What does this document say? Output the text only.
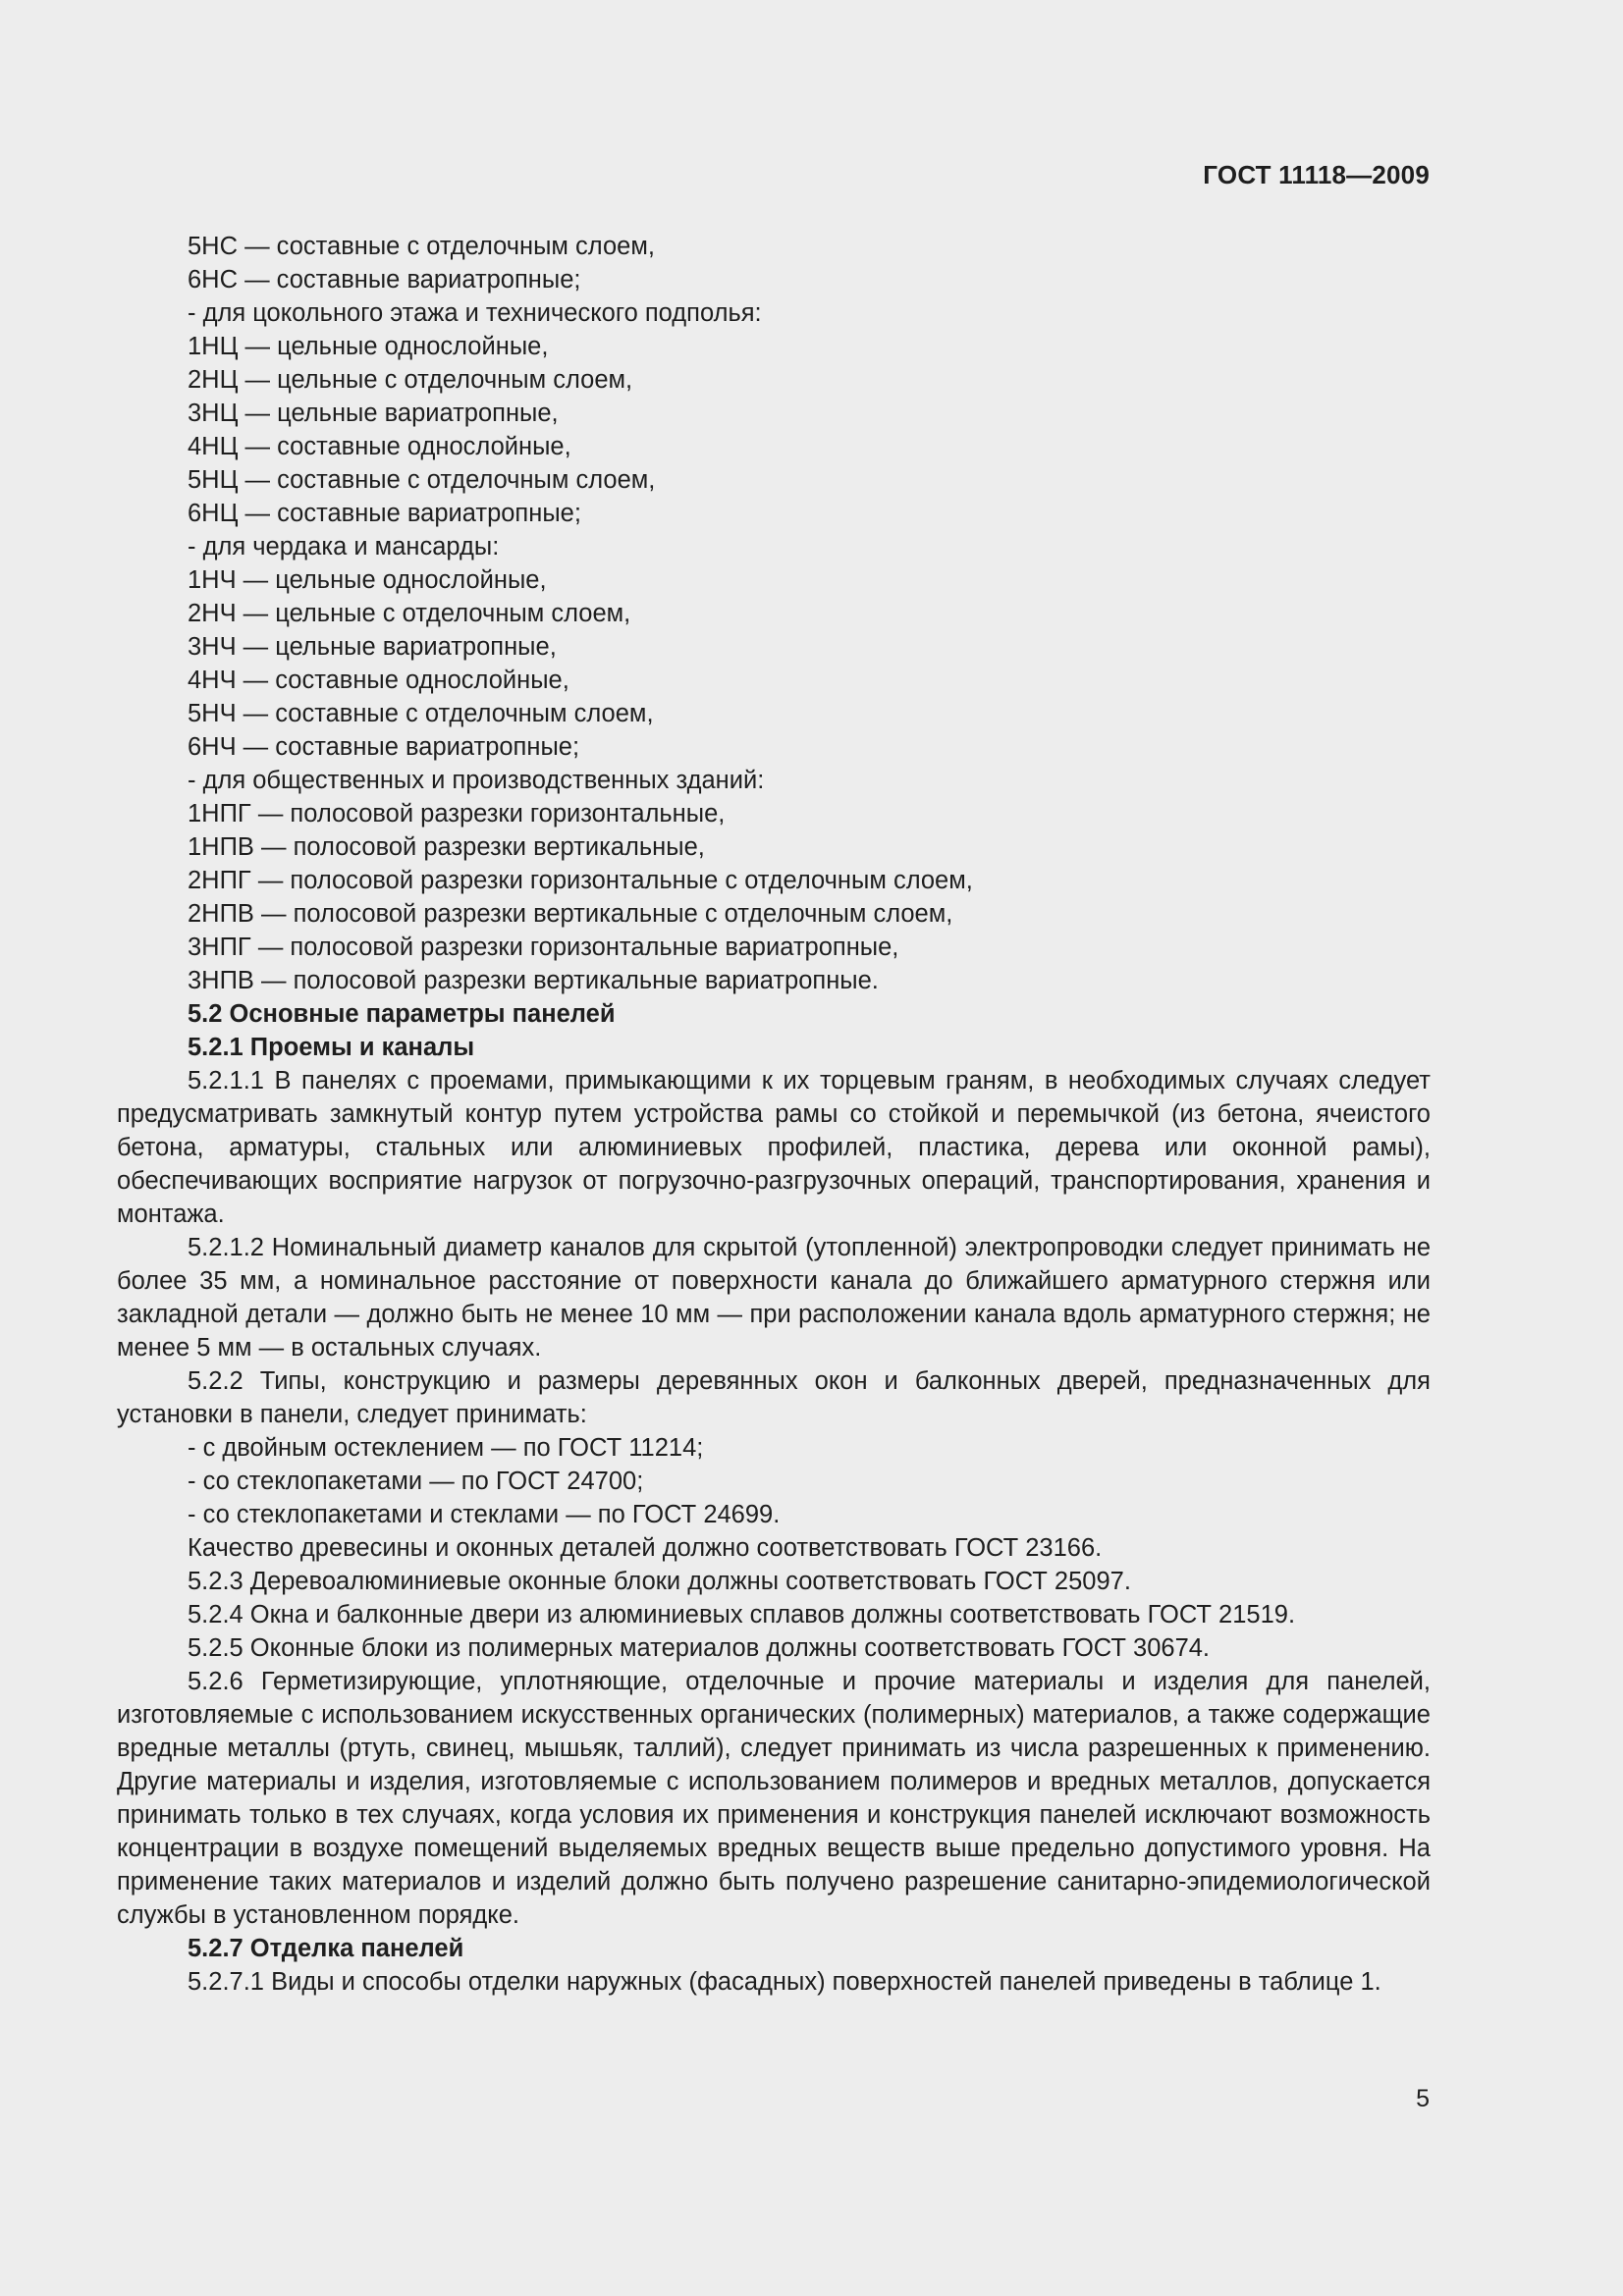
ГОСТ 11118—2009
5НС — составные с отделочным слоем,
6НС — составные вариатропные;
- для цокольного этажа и технического подполья:
1НЦ — цельные однослойные,
2НЦ — цельные с отделочным слоем,
3НЦ — цельные вариатропные,
4НЦ — составные однослойные,
5НЦ — составные с отделочным слоем,
6НЦ — составные вариатропные;
- для чердака и мансарды:
1НЧ — цельные однослойные,
2НЧ — цельные с отделочным слоем,
3НЧ — цельные вариатропные,
4НЧ — составные однослойные,
5НЧ — составные с отделочным слоем,
6НЧ — составные вариатропные;
- для общественных и производственных зданий:
1НПГ — полосовой разрезки горизонтальные,
1НПВ — полосовой разрезки вертикальные,
2НПГ — полосовой разрезки горизонтальные с отделочным слоем,
2НПВ — полосовой разрезки вертикальные с отделочным слоем,
3НПГ — полосовой разрезки горизонтальные вариатропные,
3НПВ — полосовой разрезки вертикальные вариатропные.
5.2 Основные параметры панелей
5.2.1 Проемы и каналы

5.2.1.1 В панелях с проемами, примыкающими к их торцевым граням, в необходимых случаях следует предусматривать замкнутый контур путем устройства рамы со стойкой и перемычкой (из бетона, ячеистого бетона, арматуры, стальных или алюминиевых профилей, пластика, дерева или оконной рамы), обеспечивающих восприятие нагрузок от погрузочно-разгрузочных операций, транспортирования, хранения и монтажа.

5.2.1.2 Номинальный диаметр каналов для скрытой (утопленной) электропроводки следует принимать не более 35 мм, а номинальное расстояние от поверхности канала до ближайшего арматурного стержня или закладной детали — должно быть не менее 10 мм — при расположении канала вдоль арматурного стержня; не менее 5 мм — в остальных случаях.

5.2.2 Типы, конструкцию и размеры деревянных окон и балконных дверей, предназначенных для установки в панели, следует принимать:

- с двойным остеклением — по ГОСТ 11214;
- со стеклопакетами — по ГОСТ 24700;
- со стеклопакетами и стеклами — по ГОСТ 24699.
Качество древесины и оконных деталей должно соответствовать ГОСТ 23166.
5.2.3 Деревоалюминиевые оконные блоки должны соответствовать ГОСТ 25097.
5.2.4 Окна и балконные двери из алюминиевых сплавов должны соответствовать ГОСТ 21519.
5.2.5 Оконные блоки из полимерных материалов должны соответствовать ГОСТ 30674.

5.2.6 Герметизирующие, уплотняющие, отделочные и прочие материалы и изделия для панелей, изготовляемые с использованием искусственных органических (полимерных) материалов, а также содержащие вредные металлы (ртуть, свинец, мышьяк, таллий), следует принимать из числа разрешенных к применению. Другие материалы и изделия, изготовляемые с использованием полимеров и вредных металлов, допускается принимать только в тех случаях, когда условия их применения и конструкция панелей исключают возможность концентрации в воздухе помещений выделяемых вредных веществ выше предельно допустимого уровня. На применение таких материалов и изделий должно быть получено разрешение санитарно-эпидемиологической службы в установленном порядке.

5.2.7 Отделка панелей

5.2.7.1 Виды и способы отделки наружных (фасадных) поверхностей панелей приведены в таблице 1.

5
